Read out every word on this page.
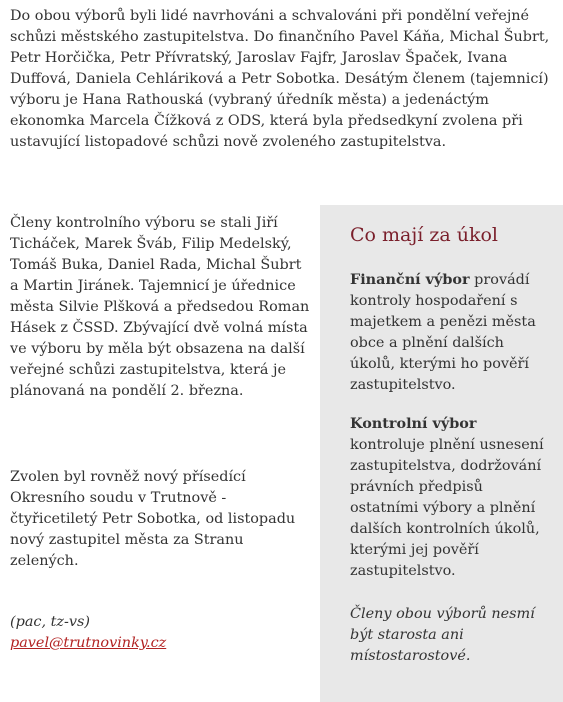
Do obou výborů byli lidé navrhováni a schvalováni při pondělní veřejné schůzi městského zastupitelstva. Do finančního Pavel Káňa, Michal Šubrt, Petr Horčička, Petr Přívratský, Jaroslav Fajfr, Jaroslav Špaček, Ivana Duffová, Daniela Cehláriková a Petr Sobotka. Desátým členem (tajemnicí) výboru je Hana Rathouská (vybraný úředník města) a jedenáctým ekonomka Marcela Čížková z ODS, která byla předsedkyní zvolena při ustavující listopadové schůzi nově zvoleného zastupitelstva.

Členy kontrolního výboru se stali Jiří Ticháček, Marek Šváb, Filip Medelský, Tomáš Buka, Daniel Rada, Michal Šubrt a Martin Jiránek. Tajemnicí je úřednice města Silvie Plšková a předsedou Roman Hásek z ČSSD. Zbývající dvě volná místa ve výboru by měla být obsazena na další veřejné schůzi zastupitelstva, která je plánovaná na pondělí 2. března.

Zvolen byl rovněž nový přísedící Okresního soudu v Trutnově - čtyřicetiletý Petr Sobotka, od listopadu nový zastupitel města za Stranu zelených.

(pac, tz-vs)
pavel@trutnovinky.cz

Co mají za úkol

Finanční výbor provádí kontroly hospodaření s majetkem a penězi města obce a plnění dalších úkolů, kterými ho pověří zastupitelstvo.

Kontrolní výbor kontroluje plnění usnesení zastupitelstva, dodržování právních předpisů ostatními výbory a plnění dalších kontrolních úkolů, kterými jej pověří zastupitelstvo.

Členy obou výborů nesmí být starosta ani místostarostové.
